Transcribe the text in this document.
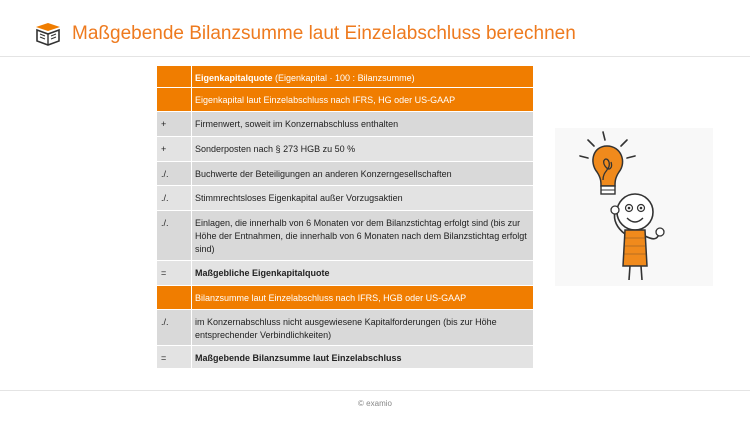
Maßgebende Bilanzsumme laut Einzelabschluss berechnen
Eigenkapitalquote (Eigenkapital · 100 : Bilanzsumme)
Eigenkapital laut Einzelabschluss nach IFRS, HG oder US-GAAP
+	Firmenwert, soweit im Konzernabschluss enthalten
+	Sonderposten nach § 273 HGB zu 50 %
./.	Buchwerte der Beteiligungen an anderen Konzerngesellschaften
./.	Stimmrechtsloses Eigenkapital außer Vorzugsaktien
./.	Einlagen, die innerhalb von 6 Monaten vor dem Bilanzstichtag erfolgt sind (bis zur Höhe der Entnahmen, die innerhalb von 6 Monaten nach dem Bilanzstichtag erfolgt sind)
=	Maßgebliche Eigenkapitalquote
Bilanzsumme laut Einzelabschluss nach IFRS, HGB oder US-GAAP
./.	im Konzernabschluss nicht ausgewiesene Kapitalforderungen (bis zur Höhe entsprechender Verbindlichkeiten)
=	Maßgebende Bilanzsumme laut Einzelabschluss
© examio
